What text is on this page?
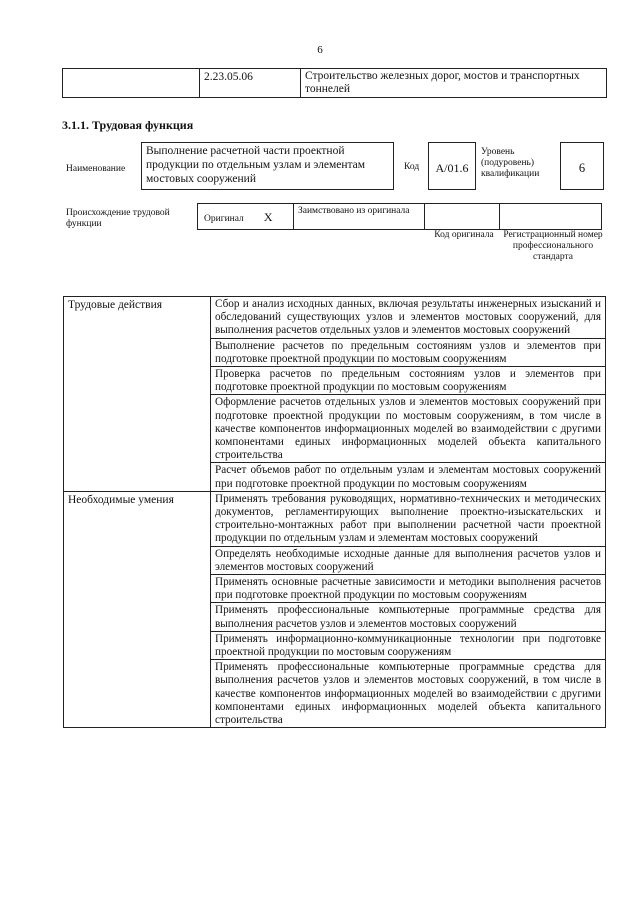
6
	2.23.05.06	Строительство железных дорог, мостов и транспортных тоннелей
3.1.1. Трудовая функция
Наименование
Выполнение расчетной части проектной продукции по отдельным узлам и элементам мостовых сооружений
Код	A/01.6
Уровень (подуровень) квалификации	6
Происхождение трудовой функции	Оригинал X	Заимствовано из оригинала

Код оригинала Регистрационный номер профессионального стандарта
Трудовые действия	Сбор и анализ исходных данных, включая результаты инженерных изысканий и обследований существующих узлов и элементов мостовых сооружений, для выполнения расчетов отдельных узлов и элементов мостовых сооружений
	Выполнение расчетов по предельным состояниям узлов и элементов при подготовке проектной продукции по мостовым сооружениям
	Проверка расчетов по предельным состояниям узлов и элементов при подготовке проектной продукции по мостовым сооружениям
	Оформление расчетов отдельных узлов и элементов мостовых сооружений при подготовке проектной продукции по мостовым сооружениям, в том числе в качестве компонентов информационных моделей во взаимодействии с другими компонентами единых информационных моделей объекта капитального строительства
	Расчет объемов работ по отдельным узлам и элементам мостовых сооружений при подготовке проектной продукции по мостовым сооружениям
Необходимые умения	Применять требования руководящих, нормативно-технических и методических документов, регламентирующих выполнение проектно-изыскательских и строительно-монтажных работ при выполнении расчетной части проектной продукции по отдельным узлам и элементам мостовых сооружений
	Определять необходимые исходные данные для выполнения расчетов узлов и элементов мостовых сооружений
	Применять основные расчетные зависимости и методики выполнения расчетов при подготовке проектной продукции по мостовым сооружениям
	Применять профессиональные компьютерные программные средства для выполнения расчетов узлов и элементов мостовых сооружений
	Применять информационно-коммуникационные технологии при подготовке проектной продукции по мостовым сооружениям
	Применять профессиональные компьютерные программные средства для выполнения расчетов узлов и элементов мостовых сооружений, в том числе в качестве компонентов информационных моделей во взаимодействии с другими компонентами единых информационных моделей объекта капитального строительства
